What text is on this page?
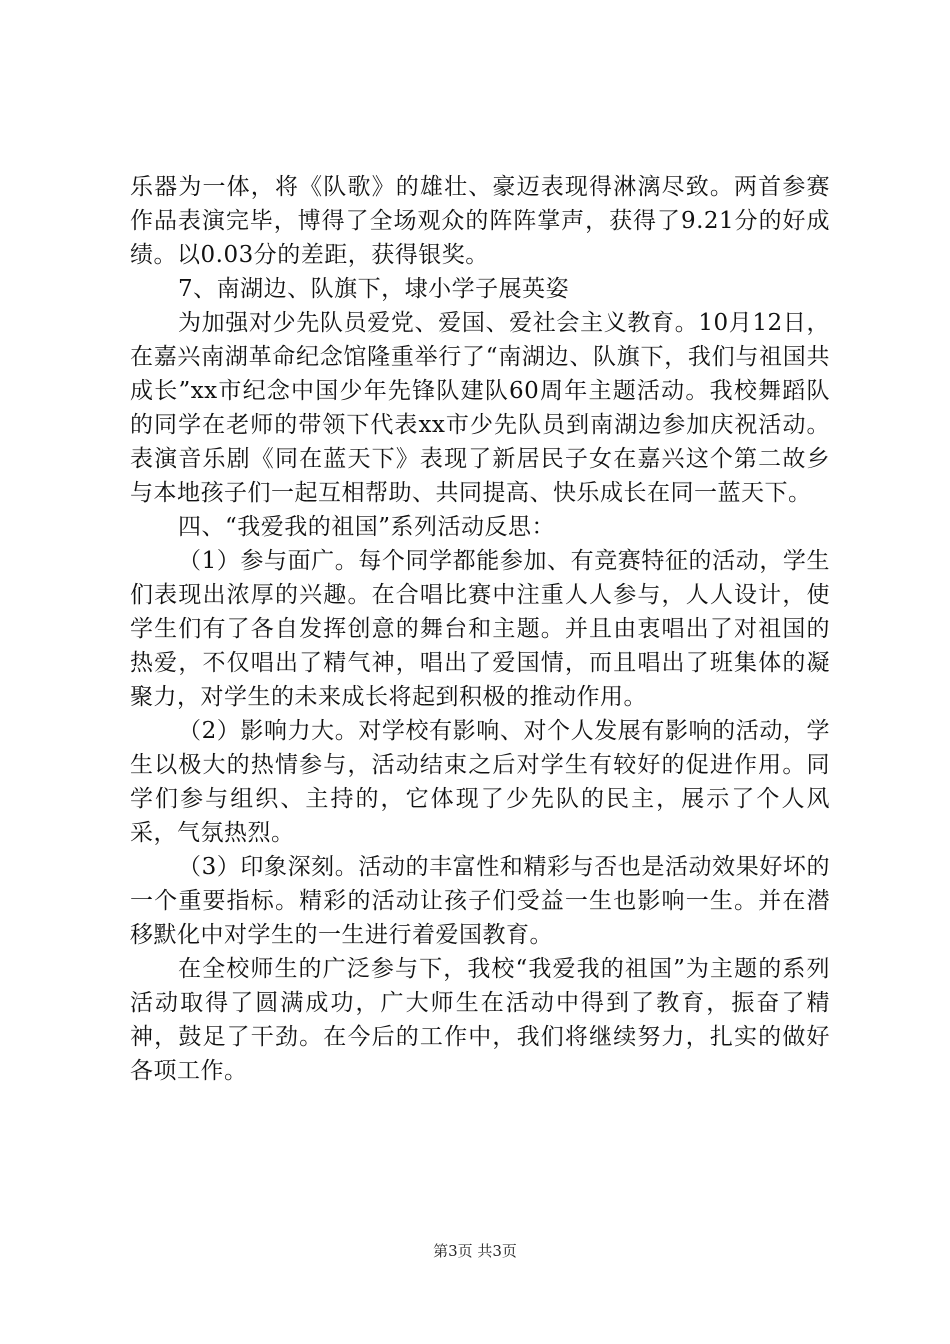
乐器为一体，将《队歌》的雄壮、豪迈表现得淋漓尽致。两首参赛作品表演完毕，博得了全场观众的阵阵掌声，获得了9.21分的好成绩。以0.03分的差距，获得银奖。

7、南湖边、队旗下，埭小学子展英姿

为加强对少先队员爱党、爱国、爱社会主义教育。10月12日，在嘉兴南湖革命纪念馆隆重举行了“南湖边、队旗下，我们与祖国共成长”xx市纪念中国少年先锋队建队60周年主题活动。我校舞蹈队的同学在老师的带领下代表xx市少先队员到南湖边参加庆祝活动。表演音乐剧《同在蓝天下》表现了新居民子女在嘉兴这个第二故乡与本地孩子们一起互相帮助、共同提高、快乐成长在同一蓝天下。

四、“我爱我的祖国”系列活动反思：

（1）参与面广。每个同学都能参加、有竞赛特征的活动，学生们表现出浓厚的兴趣。在合唱比赛中注重人人参与，人人设计，使学生们有了各自发挥创意的舞台和主题。并且由衷唱出了对祖国的热爱，不仅唱出了精气神，唱出了爱国情，而且唱出了班集体的凝聚力，对学生的未来成长将起到积极的推动作用。

（2）影响力大。对学校有影响、对个人发展有影响的活动，学生以极大的热情参与，活动结束之后对学生有较好的促进作用。同学们参与组织、主持的，它体现了少先队的民主，展示了个人风采，气氛热烈。

（3）印象深刻。活动的丰富性和精彩与否也是活动效果好坏的一个重要指标。精彩的活动让孩子们受益一生也影响一生。并在潜移默化中对学生的一生进行着爱国教育。

在全校师生的广泛参与下，我校“我爱我的祖国”为主题的系列活动取得了圆满成功，广大师生在活动中得到了教育，振奋了精神，鼓足了干劲。在今后的工作中，我们将继续努力，扎实的做好各项工作。

第3页 共3页
